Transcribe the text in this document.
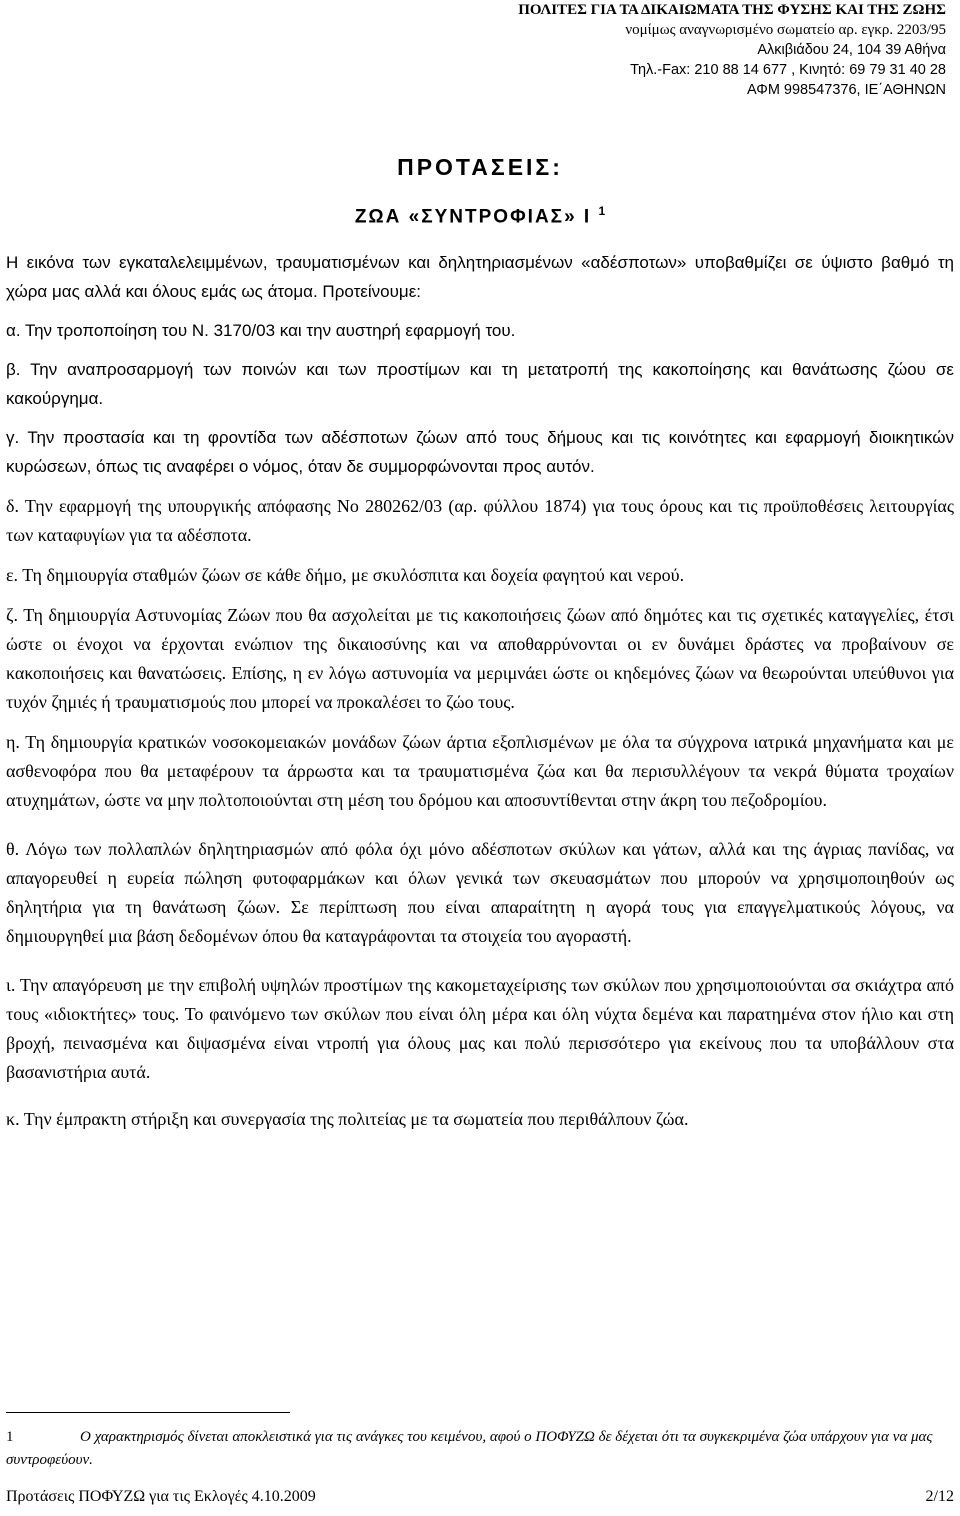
ΠΟΛΙΤΕΣ ΓΙΑ ΤΑ ΔΙΚΑΙΩΜΑΤΑ ΤΗΣ ΦΥΣΗΣ ΚΑΙ ΤΗΣ ΖΩΗΣ
νομίμως αναγνωρισμένο σωματείο αρ. εγκρ. 2203/95
Αλκιβιάδου 24, 104 39 Αθήνα
Τηλ.-Fax: 210 88 14 677 , Κινητό: 69 79 31 40 28
ΑΦΜ 998547376, ΙΕ΄ΑΘΗΝΩΝ
ΠΡΟΤΑΣΕΙΣ:
ΖΩΑ «ΣΥΝΤΡΟΦΙΑΣ» Ι $^1$

Η εικόνα των εγκαταλελειμμένων, τραυματισμένων και δηλητηριασμένων «αδέσποτων» υποβαθμίζει σε ύψιστο βαθμό τη χώρα μας αλλά και όλους εμάς ως άτομα. Προτείνουμε:

α. Την τροποποίηση του Ν. 3170/03 και την αυστηρή εφαρμογή του.

β. Την αναπροσαρμογή των ποινών και των προστίμων και τη μετατροπή της κακοποίησης και θανάτωσης ζώου σε κακούργημα.

γ. Την προστασία και τη φροντίδα των αδέσποτων ζώων από τους δήμους και τις κοινότητες και εφαρμογή διοικητικών κυρώσεων, όπως τις αναφέρει ο νόμος, όταν δε συμμορφώνονται προς αυτόν.

δ. Την εφαρμογή της υπουργικής απόφασης Νο 280262/03 (αρ. φύλλου 1874) για τους όρους και τις προϋποθέσεις λειτουργίας των καταφυγίων για τα αδέσποτα.

ε. Τη δημιουργία σταθμών ζώων σε κάθε δήμο, με σκυλόσπιτα και δοχεία φαγητού και νερού.

ζ. Τη δημιουργία Αστυνομίας Ζώων που θα ασχολείται με τις κακοποιήσεις ζώων από δημότες και τις σχετικές καταγγελίες, έτσι ώστε οι ένοχοι να έρχονται ενώπιον της δικαιοσύνης και να αποθαρρύνονται οι εν δυνάμει δράστες να προβαίνουν σε κακοποιήσεις και θανατώσεις. Επίσης, η εν λόγω αστυνομία να μεριμνάει ώστε οι κηδεμόνες ζώων να θεωρούνται υπεύθυνοι για τυχόν ζημιές ή τραυματισμούς που μπορεί να προκαλέσει το ζώο τους.

η. Τη δημιουργία κρατικών νοσοκομειακών μονάδων ζώων άρτια εξοπλισμένων με όλα τα σύγχρονα ιατρικά μηχανήματα και με ασθενοφόρα που θα μεταφέρουν τα άρρωστα και τα τραυματισμένα ζώα και θα περισυλλέγουν τα νεκρά θύματα τροχαίων ατυχημάτων, ώστε να μην πολτοποιούνται στη μέση του δρόμου και αποσυντίθενται στην άκρη του πεζοδρομίου.

θ. Λόγω των πολλαπλών δηλητηριασμών από φόλα όχι μόνο αδέσποτων σκύλων και γάτων, αλλά και της άγριας πανίδας, να απαγορευθεί η ευρεία πώληση φυτοφαρμάκων και όλων γενικά των σκευασμάτων που μπορούν να χρησιμοποιηθούν ως δηλητήρια για τη θανάτωση ζώων. Σε περίπτωση που είναι απαραίτητη η αγορά τους για επαγγελματικούς λόγους, να δημιουργηθεί μια βάση δεδομένων όπου θα καταγράφονται τα στοιχεία του αγοραστή.

ι. Την απαγόρευση με την επιβολή υψηλών προστίμων της κακομεταχείρισης των σκύλων που χρησιμοποιούνται σα σκιάχτρα από τους «ιδιοκτήτες» τους. Το φαινόμενο των σκύλων που είναι όλη μέρα και όλη νύχτα δεμένα και παρατημένα στον ήλιο και στη βροχή, πεινασμένα και διψασμένα είναι ντροπή για όλους μας και πολύ περισσότερο για εκείνους που τα υποβάλλουν στα βασανιστήρια αυτά.

κ. Την έμπρακτη στήριξη και συνεργασία της πολιτείας με τα σωματεία που περιθάλπουν ζώα.

1	Ο χαρακτηρισμός δίνεται αποκλειστικά για τις ανάγκες του κειμένου, αφού ο ΠΟΦΥΖΩ δε δέχεται ότι τα συγκεκριμένα ζώα υπάρχουν για να μας συντροφεύουν.
Προτάσεις ΠΟΦΥΖΩ για τις Εκλογές 4.10.2009	2/12
